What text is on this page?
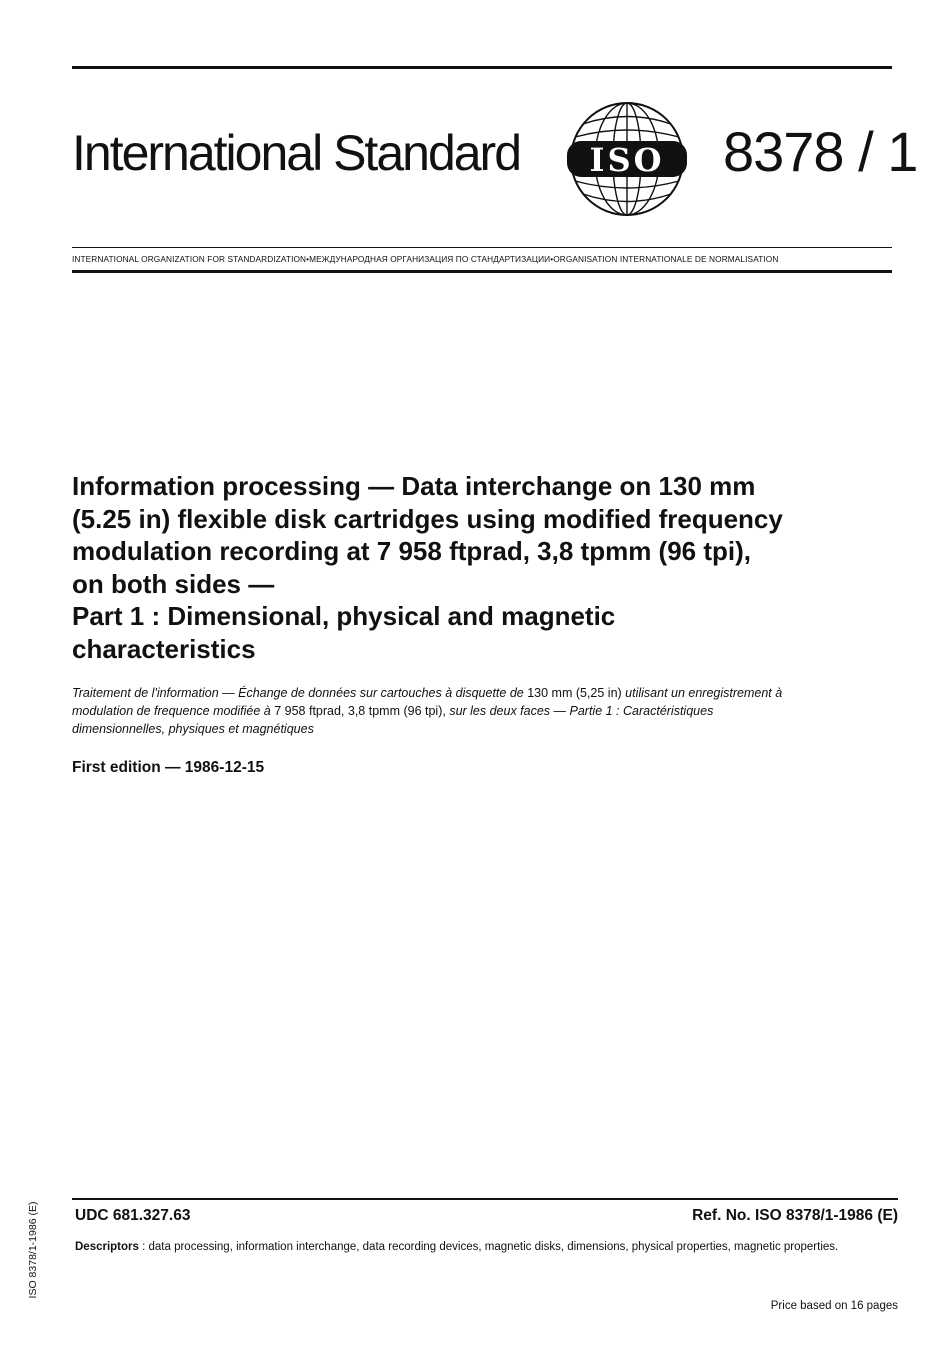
International Standard ISO 8378 / 1
INTERNATIONAL ORGANIZATION FOR STANDARDIZATION•МЕЖДУНАРОДНАЯ ОРГАНИЗАЦИЯ ПО СТАНДАРТИЗАЦИИ•ORGANISATION INTERNATIONALE DE NORMALISATION
Information processing — Data interchange on 130 mm
(5.25 in) flexible disk cartridges using modified frequency
modulation recording at 7 958 ftprad, 3,8 tpmm (96 tpi),
on both sides —
Part 1 : Dimensional, physical and magnetic
characteristics
Traitement de l'information — Échange de données sur cartouches à disquette de 130 mm (5,25 in) utilisant un enregistrement à
modulation de frequence modifiée à 7 958 ftprad, 3,8 tpmm (96 tpi), sur les deux faces — Partie 1 : Caractéristiques
dimensionnelles, physiques et magnétiques
First edition — 1986-12-15
ISO 8378/1-1986 (E) UDC 681.327.63	Ref. No. ISO 8378/1-1986 (E)
Descriptors : data processing, information interchange, data recording devices, magnetic disks, dimensions, physical properties, magnetic properties.
Price based on 16 pages
